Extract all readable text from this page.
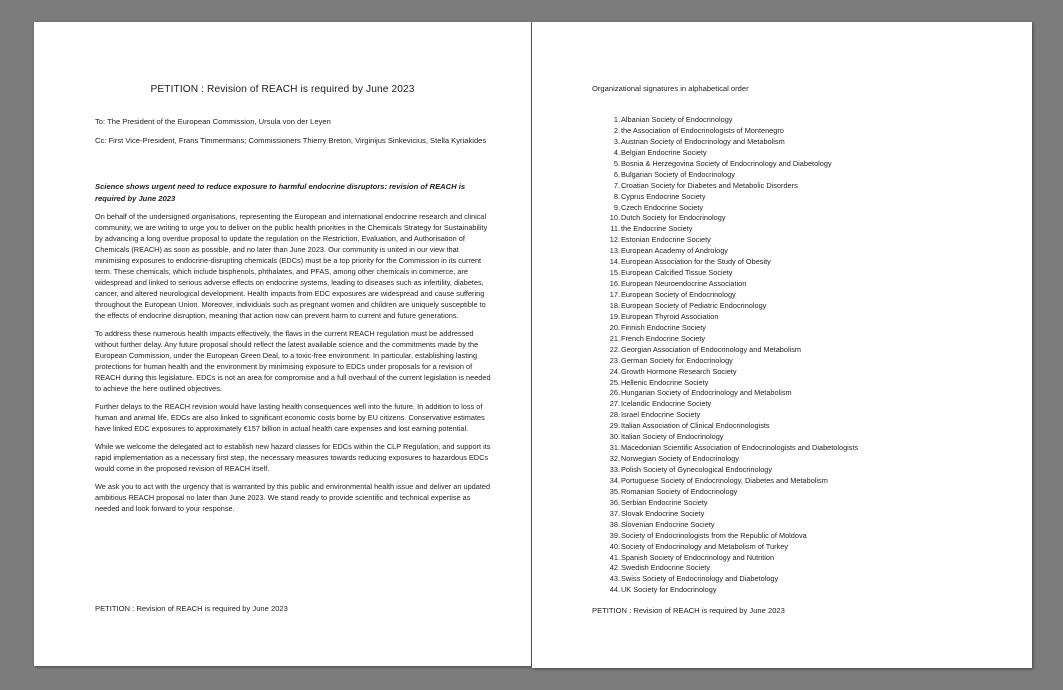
PETITION : Revision of REACH is required by June 2023
To: The President of the European Commission, Ursula von der Leyen
Cc: First Vice-President, Frans Timmermans; Commissioners Thierry Breton, Virginijus Sinkevicius, Stella Kyriakides

Science shows urgent need to reduce exposure to harmful endocrine disruptors: revision of REACH is required by June 2023

On behalf of the undersigned organisations, representing the European and international endocrine research and clinical community, we are writing to urge you to deliver on the public health priorities in the Chemicals Strategy for Sustainability by advancing a long overdue proposal to update the regulation on the Restriction, Evaluation, and Authorisation of Chemicals (REACH) as soon as possible, and no later than June 2023. Our community is united in our view that minimising exposures to endocrine-disrupting chemicals (EDCs) must be a top priority for the Commission in its current term. These chemicals, which include bisphenols, phthalates, and PFAS, among other chemicals in commerce, are widespread and linked to serious adverse effects on endocrine systems, leading to diseases such as infertility, diabetes, cancer, and altered neurological development. Health impacts from EDC exposures are widespread and cause suffering throughout the European Union. Moreover, individuals such as pregnant women and children are uniquely susceptible to the effects of endocrine disruption, meaning that action now can prevent harm to current and future generations.

To address these numerous health impacts effectively, the flaws in the current REACH regulation must be addressed without further delay. Any future proposal should reflect the latest available science and the commitments made by the European Commission, under the European Green Deal, to a toxic-free environment. In particular, establishing lasting protections for human health and the environment by minimising exposure to EDCs under proposals for a revision of REACH during this legislature. EDCs is not an area for compromise and a full overhaul of the current legislation is needed to achieve the here outlined objectives.

Further delays to the REACH revision would have lasting health consequences well into the future. In addition to loss of human and animal life, EDCs are also linked to significant economic costs borne by EU citizens. Conservative estimates have linked EDC exposures to approximately €157 billion in actual health care expenses and lost earning potential.

While we welcome the delegated act to establish new hazard classes for EDCs within the CLP Regulation, and support its rapid implementation as a necessary first step, the necessary measures towards reducing exposures to hazardous EDCs would come in the proposed revision of REACH itself.

We ask you to act with the urgency that is warranted by this public and environmental health issue and deliver an updated ambitious REACH proposal no later than June 2023. We stand ready to provide scientific and technical expertise as needed and look forward to your response.

PETITION : Revision of REACH is required by June 2023
Organizational signatures in alphabetical order
1. Albanian Society of Endocrinology
2. the Association of Endocrinologists of Montenegro
3. Austrian Society of Endocrinology and Metabolism
4. Belgian Endocrine Society
5. Bosnia & Herzegovina Society of Endocrinology and Diabetology
6. Bulgarian Society of Endocrinology
7. Croatian Society for Diabetes and Metabolic Disorders
8. Cyprus Endocrine Society
9. Czech Endocrine Society
10. Dutch Society for Endocrinology
11. the Endocrine Society
12. Estonian Endocrine Society
13. European Academy of Andrology
14. European Association for the Study of Obesity
15. European Calcified Tissue Society
16. European Neuroendocrine Association
17. European Society of Endocrinology
18. European Society of Pediatric Endocrinology
19. European Thyroid Association
20. Finnish Endocrine Society
21. French Endocrine Society
22. Georgian Association of Endocrinology and Metabolism
23. German Society for Endocrinology
24. Growth Hormone Research Society
25. Hellenic Endocrine Society
26. Hungarian Society of Endocrinology and Metabolism
27. Icelandic Endocrine Society
28. Israel Endocrine Society
29. Italian Association of Clinical Endocrinologists
30. Italian Society of Endocrinology
31. Macedonian Scientific Association of Endocrinologists and Diabetologists
32. Norwegian Society of Endocrinology
33. Polish Society of Gynecological Endocrinology
34. Portuguese Society of Endocrinology, Diabetes and Metabolism
35. Romanian Society of Endocrinology
36. Serbian Endocrine Society
37. Slovak Endocrine Society
38. Slovenian Endocrine Society
39. Society of Endocrinologists from the Republic of Moldova
40. Society of Endocrinology and Metabolism of Turkey
41. Spanish Society of Endocrinology and Nutrition
42. Swedish Endocrine Society
43. Swiss Society of Endocrinology and Diabetology
44. UK Society for Endocrinology
PETITION : Revision of REACH is required by June 2023
